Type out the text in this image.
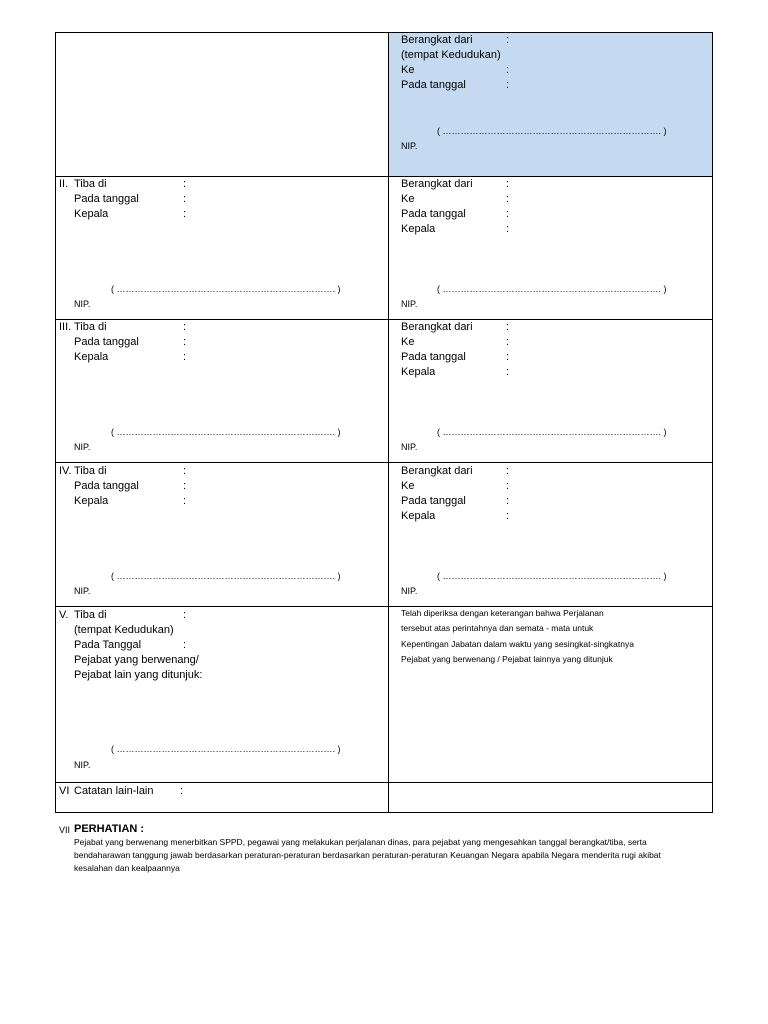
Berangkat dari	:
(tempat Kedudukan)
Ke	:
Pada tanggal	:
( ………………………………………………………………. )
NIP.
II. Tiba di	:
Pada tanggal	:
Kepala	:
( ………………………………………………………………. )
NIP.
Berangkat dari	:
Ke	:
Pada tanggal	:
Kepala	:
( ………………………………………………………………. )
NIP.
III. Tiba di	:
Pada tanggal	:
Kepala	:
( ………………………………………………………………. )
NIP.
Berangkat dari	:
Ke	:
Pada tanggal	:
Kepala	:
( ………………………………………………………………. )
NIP.
IV. Tiba di	:
Pada tanggal	:
Kepala	:
( ………………………………………………………………. )
NIP.
Berangkat dari	:
Ke	:
Pada tanggal	:
Kepala	:
( ………………………………………………………………. )
NIP.
V. Tiba di	:
(tempat Kedudukan)
Pada Tanggal	:
Pejabat yang berwenang/
Pejabat lain yang ditunjuk:
( ………………………………………………………………. )
NIP.
Telah diperiksa dengan keterangan bahwa Perjalanan
tersebut atas perintahnya dan semata - mata untuk
Kepentingan Jabatan dalam waktu yang sesingkat-singkatnya
Pejabat yang berwenang / Pejabat lainnya yang ditunjuk
VI Catatan lain-lain :
VII PERHATIAN :
Pejabat yang berwenang menerbitkan SPPD, pegawai yang melakukan perjalanan dinas, para pejabat yang mengesahkan tanggal berangkat/tiba, serta
bendaharawan tanggung jawab berdasarkan peraturan-peraturan berdasarkan peraturan-peraturan Keuangan Negara apabila Negara menderita rugi akibat
kesalahan dan kealpaannya
